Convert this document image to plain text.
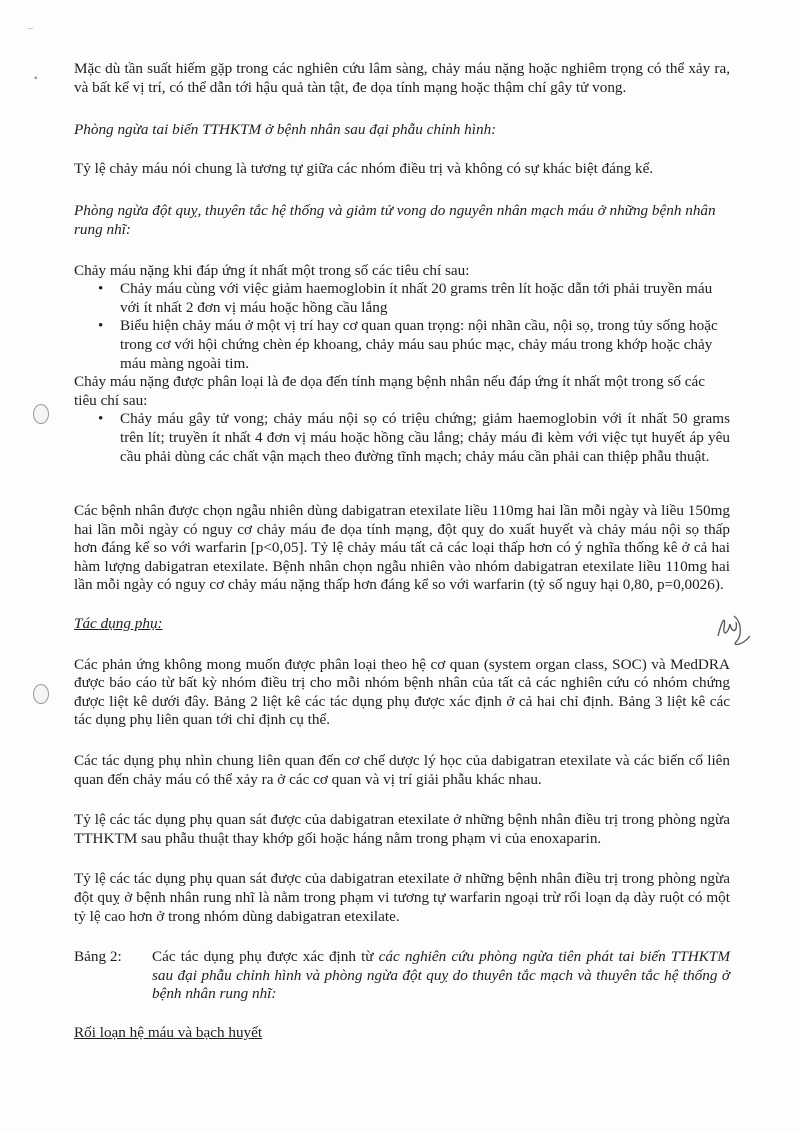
–
▪

Mặc dù tần suất hiếm gặp trong các nghiên cứu lâm sàng, chảy máu nặng hoặc nghiêm trọng có thể xảy ra, và bất kể vị trí, có thể dẫn tới hậu quả tàn tật, đe dọa tính mạng hoặc thậm chí gây tử vong.

Phòng ngừa tai biến TTHKTM ở bệnh nhân sau đại phẫu chỉnh hình:

Tỷ lệ chảy máu nói chung là tương tự giữa các nhóm điều trị và không có sự khác biệt đáng kể.

Phòng ngừa đột quỵ, thuyên tắc hệ thống và giảm tử vong do nguyên nhân mạch máu ở những bệnh nhân rung nhĩ:

Chảy máu nặng khi đáp ứng ít nhất một trong số các tiêu chí sau:

• Chảy máu cùng với việc giảm haemoglobin ít nhất 20 grams trên lít hoặc dẫn tới phải truyền máu với ít nhất 2 đơn vị máu hoặc hồng cầu lắng
• Biểu hiện chảy máu ở một vị trí hay cơ quan quan trọng: nội nhãn cầu, nội sọ, trong tủy sống hoặc trong cơ với hội chứng chèn ép khoang, chảy máu sau phúc mạc, chảy máu trong khớp hoặc chảy máu màng ngoài tim.

Chảy máu nặng được phân loại là đe dọa đến tính mạng bệnh nhân nếu đáp ứng ít nhất một trong số các tiêu chí sau:

• Chảy máu gây tử vong; chảy máu nội sọ có triệu chứng; giảm haemoglobin với ít nhất 50 grams trên lít; truyền ít nhất 4 đơn vị máu hoặc hồng cầu lắng; chảy máu đi kèm với việc tụt huyết áp yêu cầu phải dùng các chất vận mạch theo đường tĩnh mạch; chảy máu cần phải can thiệp phẫu thuật.

Các bệnh nhân được chọn ngẫu nhiên dùng dabigatran etexilate liều 110mg hai lần mỗi ngày và liều 150mg hai lần mỗi ngày có nguy cơ chảy máu đe dọa tính mạng, đột quỵ do xuất huyết và chảy máu nội sọ thấp hơn đáng kể so với warfarin [p<0,05]. Tỷ lệ chảy máu tất cả các loại thấp hơn có ý nghĩa thống kê ở cả hai hàm lượng dabigatran etexilate. Bệnh nhân chọn ngẫu nhiên vào nhóm dabigatran etexilate liều 110mg hai lần mỗi ngày có nguy cơ chảy máu nặng thấp hơn đáng kể so với warfarin (tỷ số nguy hại 0,80, p=0,0026).

Tác dụng phụ:

Các phản ứng không mong muốn được phân loại theo hệ cơ quan (system organ class, SOC) và MedDRA được báo cáo từ bất kỳ nhóm điều trị cho mỗi nhóm bệnh nhân của tất cả các nghiên cứu có nhóm chứng được liệt kê dưới đây. Bảng 2 liệt kê các tác dụng phụ được xác định ở cả hai chỉ định. Bảng 3 liệt kê các tác dụng phụ liên quan tới chỉ định cụ thể.

Các tác dụng phụ nhìn chung liên quan đến cơ chế dược lý học của dabigatran etexilate và các biến cố liên quan đến chảy máu có thể xảy ra ở các cơ quan và vị trí giải phẫu khác nhau.

Tỷ lệ các tác dụng phụ quan sát được của dabigatran etexilate ở những bệnh nhân điều trị trong phòng ngừa TTHKTM sau phẫu thuật thay khớp gối hoặc háng nằm trong phạm vi của enoxaparin.

Tỷ lệ các tác dụng phụ quan sát được của dabigatran etexilate ở những bệnh nhân điều trị trong phòng ngừa đột quỵ ở bệnh nhân rung nhĩ là nằm trong phạm vi tương tự warfarin ngoại trừ rối loạn dạ dày ruột có một tỷ lệ cao hơn ở trong nhóm dùng dabigatran etexilate.

Bảng 2:	Các tác dụng phụ được xác định từ các nghiên cứu phòng ngừa tiên phát tai biến TTHKTM sau đại phẫu chỉnh hình và phòng ngừa đột quỵ do thuyên tắc mạch và thuyên tắc hệ thống ở bệnh nhân rung nhĩ:

Rối loạn hệ máu và bạch huyết
